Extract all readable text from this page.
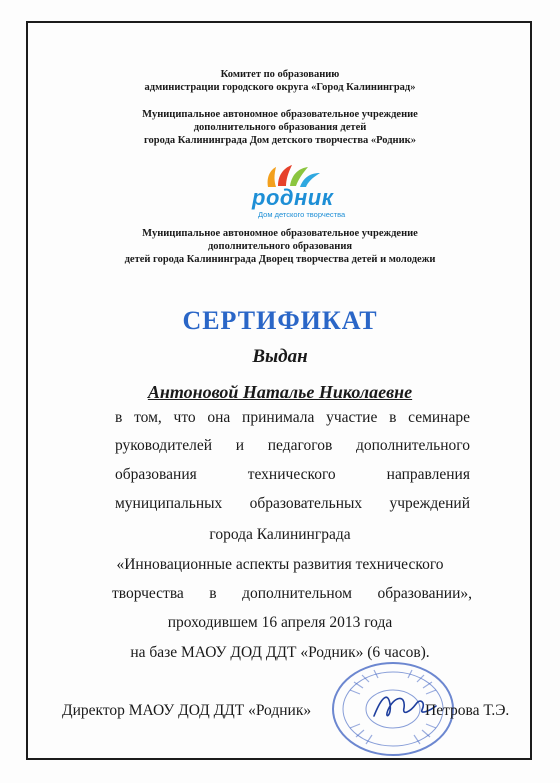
Комитет по образованию
администрации городского округа «Город Калининград»
Муниципальное автономное образовательное учреждение
дополнительного образования детей
города Калининграда Дом детского творчества «Родник»
родник
Дом детского творчества
Муниципальное автономное образовательное учреждение
дополнительного образования
детей города Калининграда Дворец творчества детей и молодежи
СЕРТИФИКАТ
Выдан
Антоновой Наталье Николаевне
в том, что она принимала участие в семинаре
руководителей и педагогов дополнительного
образования технического направления
муниципальных образовательных учреждений
города Калининграда
«Инновационные аспекты развития технического
творчества в дополнительном образовании»,
проходившем 16 апреля 2013 года
на базе МАОУ ДОД ДДТ «Родник» (6 часов).
Директор МАОУ ДОД ДДТ «Родник»	Петрова Т.Э.
